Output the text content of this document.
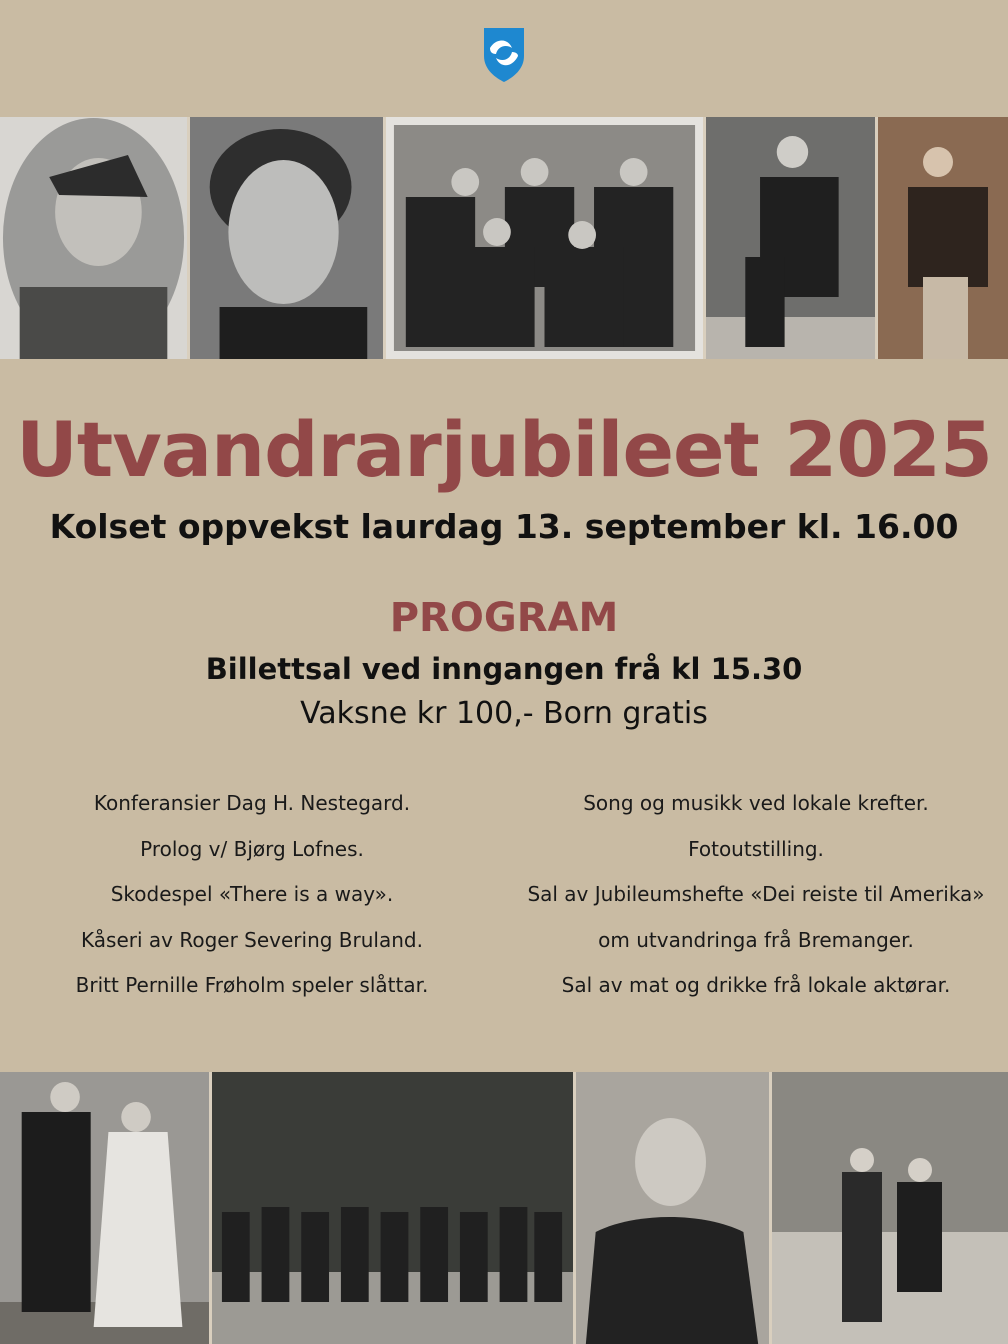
Utvandrarjubileet 2025
Kolset oppvekst laurdag 13. september kl. 16.00
PROGRAM
Billettsal ved inngangen frå kl 15.30
Vaksne kr 100,- Born gratis
Konferansier Dag H. Nestegard.
Prolog v/ Bjørg Lofnes.
Skodespel «There is a way».
Kåseri av Roger Severing Bruland.
Britt Pernille Frøholm speler slåttar.
Song og musikk ved lokale krefter.
Fotoutstilling.
Sal av Jubileumshefte «Dei reiste til Amerika»
om utvandringa frå Bremanger.
Sal av mat og drikke frå lokale aktørar.
